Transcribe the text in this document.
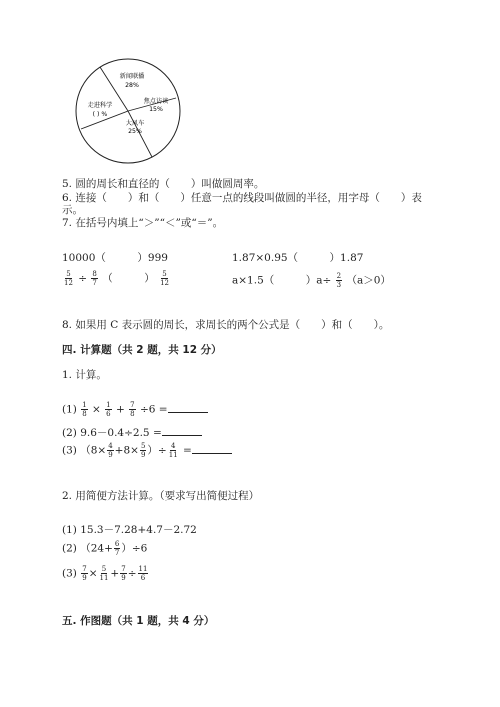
新闻联播
28%
焦点访谈
15%
大风车
25%
走进科学
( ) %
5. 圆的周长和直径的（　　）叫做圆周率。
6. 连接（　　）和（　　）任意一点的线段叫做圆的半径，用字母（　　）表
示。
7. 在括号内填上“＞”“＜”或“＝”。
10000（　　　）999	1.87×0.95（　　　）1.87
$\frac{5}{12} \div \frac{8}{7}$ （　　　） $\frac{5}{12}$	a×1.5（　　　）$a\div \frac{2}{3} (a>0)$
8. 如果用 C 表示圆的周长，求周长的两个公式是（　　）和（　　）。
四. 计算题（共 2 题，共 12 分）
1. 计算。
$(1) \frac{1}{8} \times \frac{1}{6} + \frac{7}{8} \div 6$ =
(2) 9.6－0.4÷2.5 =
(3) （$8\times \frac{4}{9} +8\times \frac{5}{9}$ ）÷ $\frac{4}{11}$ =
2. 用简便方法计算。（要求写出简便过程）
(1) 15.3－7.28+4.7－2.72
(2) $(24+ \frac{6}{7} )\div 6$
$(3) \frac{7}{9} \times \frac{5}{11} + \frac{7}{9} \div \frac{11}{6}$
五. 作图题（共 1 题，共 4 分）
